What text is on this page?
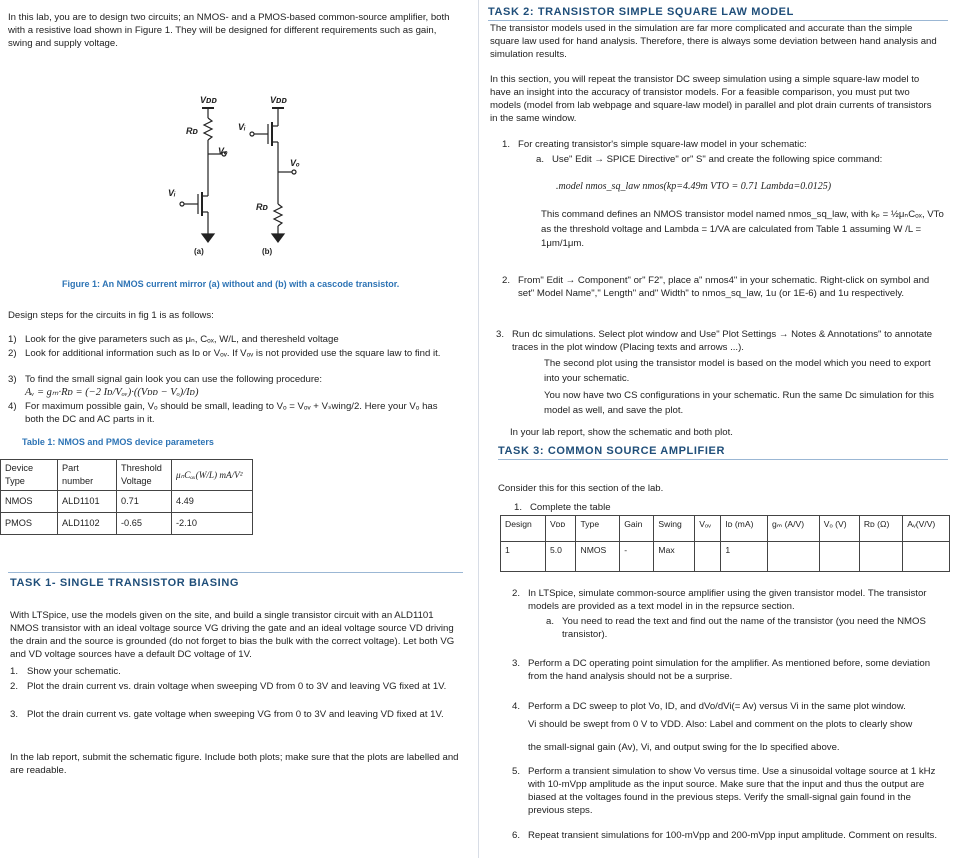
In this lab, you are to design two circuits; an NMOS- and a PMOS-based common-source amplifier, both with a resistive load shown in Figure 1. They will be designed for different requirements such as gain, swing and supply voltage.

Vᴅᴅ	Vᴅᴅ
Rᴅ
Rᴅ
Vₒ
Vₒ
Vᵢ
Vᵢ
(a)	(b)

Figure 1: An NMOS current mirror (a) without and (b) with a cascode transistor.

Design steps for the circuits in fig 1 is as follows:

1) Look for the give parameters such as μₙ, Cₒₓ, W/L, and theresheld voltage
2) Look for additional information such as Iᴅ or Vₒᵥ. If Vₒᵥ is not provided use the square law to find it.
3) To find the small signal gain look you can use the following procedure:
Aᵥ = gₘ·Rᴅ = (−2 Iᴅ/Vₒᵥ)·((Vᴅᴅ − Vₒ)/Iᴅ)
4) For maximum possible gain, Vₒ should be small, leading to Vₒ = Vₒᵥ + Vₛwing/2. Here your Vₒ has both the DC and AC parts in it.

Table 1: NMOS and PMOS device parameters

Device Type	Part number	Threshold Voltage	μₙCₒₓ(W/L) mA/V²
NMOS	ALD1101	0.71	4.49
PMOS	ALD1102	-0.65	-2.10

TASK 1- SINGLE TRANSISTOR BIASING

With LTSpice, use the models given on the site, and build a single transistor circuit with an ALD1101 NMOS transistor with an ideal voltage source VG driving the gate and an ideal voltage source VD driving the drain and the source is grounded (do not forget to bias the bulk with the correct voltage). Let both VG and VD voltage sources have a default DC voltage of 1V.

1. Show your schematic.
2. Plot the drain current vs. drain voltage when sweeping VD from 0 to 3V and leaving VG fixed at 1V.
3. Plot the drain current vs. gate voltage when sweeping VG from 0 to 3V and leaving VD fixed at 1V.

In the lab report, submit the schematic figure. Include both plots; make sure that the plots are labelled and are readable.

TASK 2: TRANSISTOR SIMPLE SQUARE LAW MODEL

The transistor models used in the simulation are far more complicated and accurate than the simple square law used for hand analysis. Therefore, there is always some deviation between hand analysis and simulation results.

In this section, you will repeat the transistor DC sweep simulation using a simple square-law model to have an insight into the accuracy of transistor models. For a feasible comparison, you must put two models (model from lab webpage and square-law model) in parallel and plot drain currents of transistors in the same window.

1. For creating transistor's simple square-law model in your schematic:

a. Use" Edit → SPICE Directive" or" S" and create the following spice command:

.model nmos_sq_law nmos(kp=4.49m VTO = 0.71 Lambda=0.0125)

This command defines an NMOS transistor model named nmos_sq_law, with kₚ = ½μₙCₒₓ, VTo as the threshold voltage and Lambda = 1/VA are calculated from Table 1 assuming W /L = 1μm/1μm.

2. From" Edit → Component" or" F2", place a" nmos4" in your schematic. Right-click on symbol and set" Model Name"," Length" and" Width" to nmos_sq_law, 1u (or 1E-6) and 1u respectively.

3. Run dc simulations. Select plot window and Use" Plot Settings → Notes & Annotations" to annotate traces in the plot window (Placing texts and arrows ...).

The second plot using the transistor model is based on the model which you need to export into your schematic.

You now have two CS configurations in your schematic. Run the same Dc simulation for this model as well, and save the plot.

In your lab report, show the schematic and both plot.

TASK 3: COMMON SOURCE AMPLIFIER

Consider this for this section of the lab.

1. Complete the table

Design	Vᴅᴅ	Type	Gain	Swing	Vₒᵥ	Iᴅ (mA)	gₘ (A/V)	Vₒ (V)	Rᴅ (Ω)	Aᵥ(V/V)
1	5.0	NMOS	-	Max		1				
2. In LTSpice, simulate common-source amplifier using the given transistor model. The transistor models are provided as a text model in in the repsurce section.

a. You need to read the text and find out the name of the transistor (you need the NMOS transistor).

3. Perform a DC operating point simulation for the amplifier. As mentioned before, some deviation from the hand analysis should not be a surprise.

4. Perform a DC sweep to plot Vo, ID, and dVo/dVi(= Av) versus Vi in the same plot window.

Vi should be swept from 0 V to VDD. Also: Label and comment on the plots to clearly show

the small-signal gain (Av), Vi, and output swing for the Iᴅ specified above.

5. Perform a transient simulation to show Vo versus time. Use a sinusoidal voltage source at 1 kHz with 10-mVpp amplitude as the input source. Make sure that the input and thus the output are biased at the voltages found in the previous steps. Verify the small-signal gain found in the previous steps.

6. Repeat transient simulations for 100-mVpp and 200-mVpp input amplitude. Comment on results.
